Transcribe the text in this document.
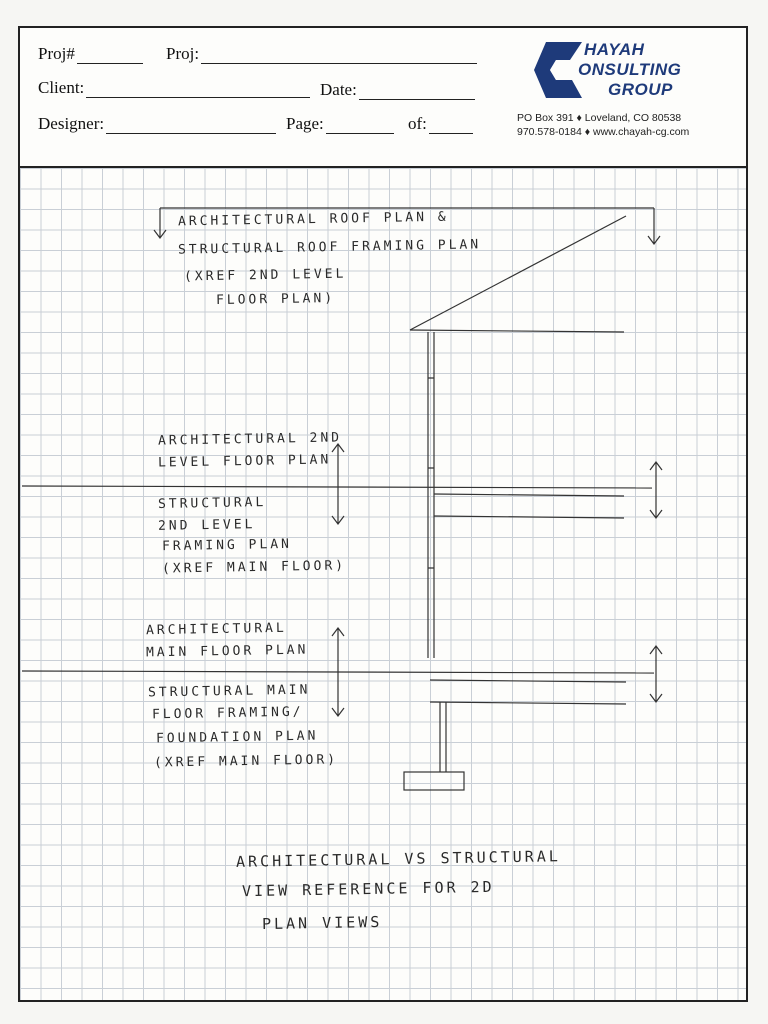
Proj#	Proj:
Client:	Date:
Designer:	Page:	of:
HAYAH
ONSULTING
GROUP
PO Box 391 ♦ Loveland, CO 80538
970.578-0184 ♦ www.chayah-cg.com
ARCHITECTURAL ROOF PLAN &
STRUCTURAL ROOF FRAMING PLAN
(XREF 2ND LEVEL
FLOOR PLAN)
ARCHITECTURAL 2ND
LEVEL FLOOR PLAN
STRUCTURAL
2ND LEVEL
FRAMING PLAN
(XREF MAIN FLOOR)
ARCHITECTURAL
MAIN FLOOR PLAN
STRUCTURAL MAIN
FLOOR FRAMING/
FOUNDATION PLAN
(XREF MAIN FLOOR)
ARCHITECTURAL VS STRUCTURAL
VIEW REFERENCE FOR 2D
PLAN VIEWS
